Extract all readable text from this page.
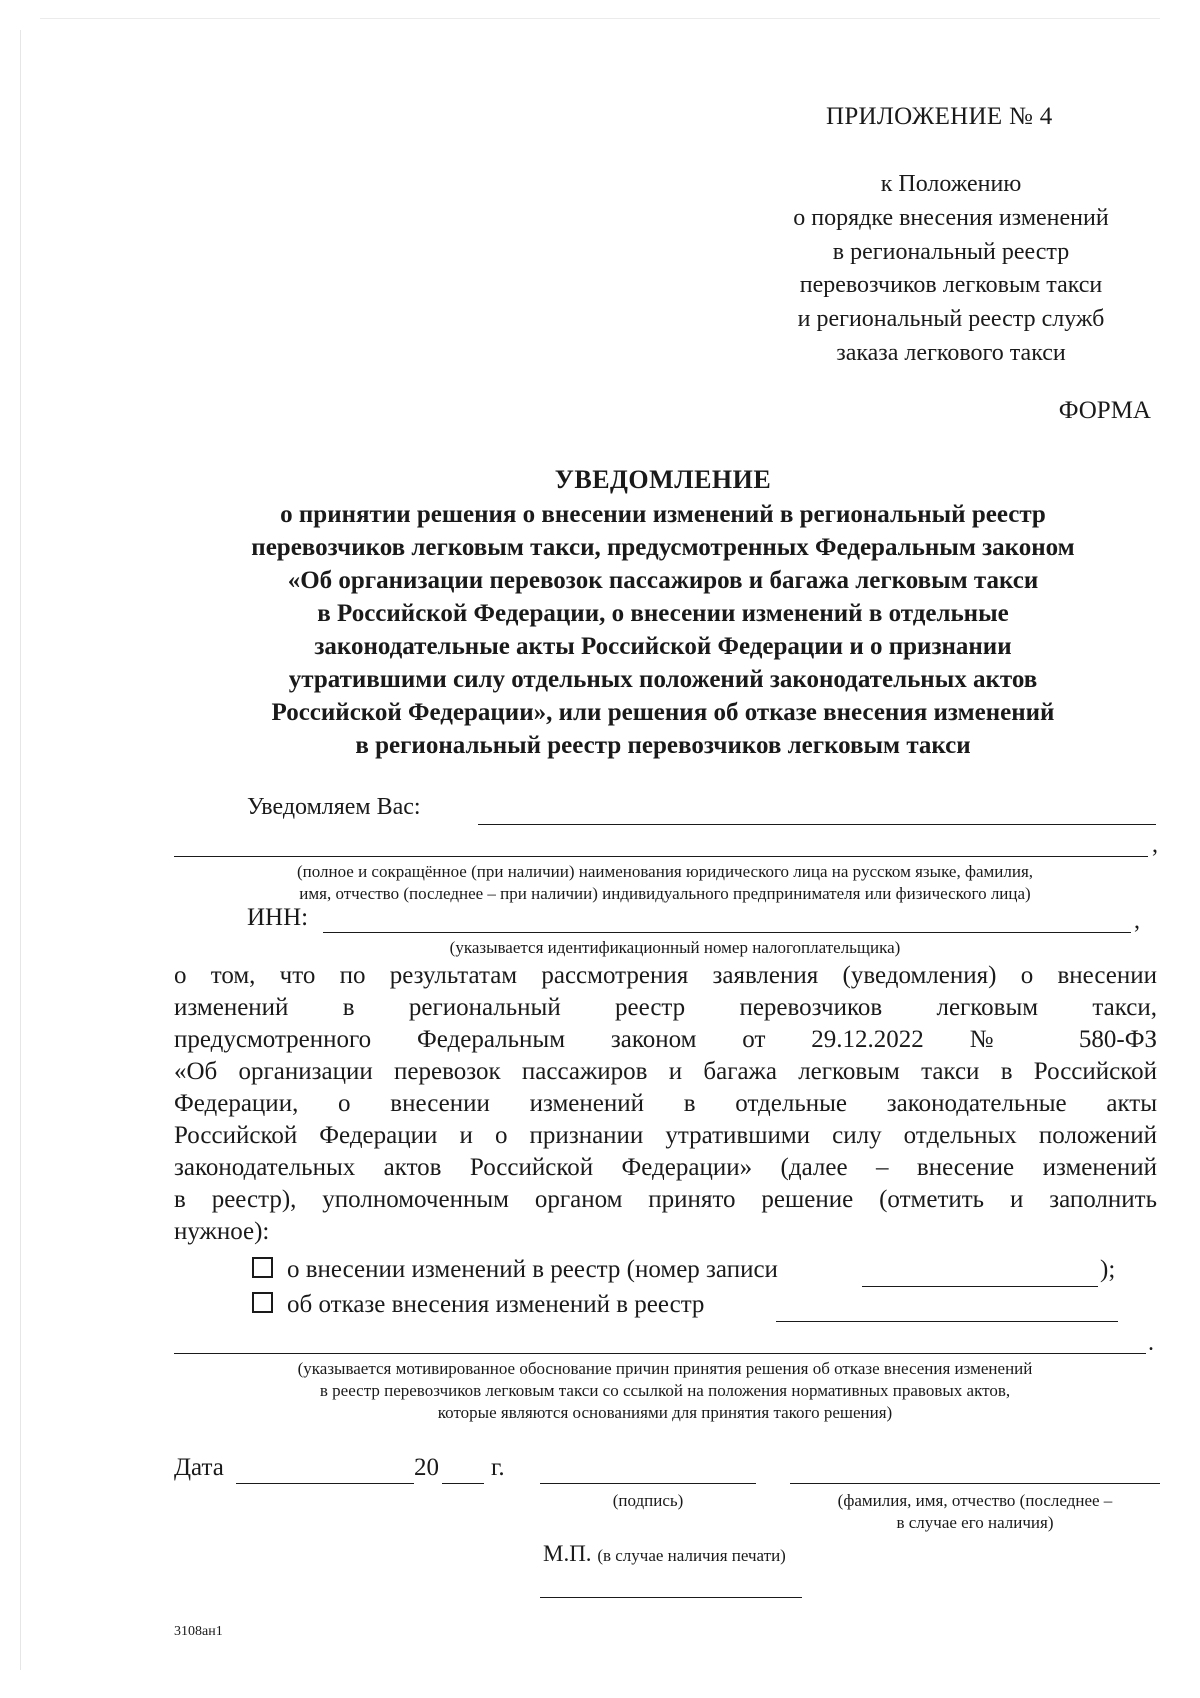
ПРИЛОЖЕНИЕ № 4
к Положению
о порядке внесения изменений
в региональный реестр
перевозчиков легковым такси
и региональный реестр служб
заказа легкового такси
ФОРМА
УВЕДОМЛЕНИЕ
о принятии решения о внесении изменений в региональный реестр
перевозчиков легковым такси, предусмотренных Федеральным законом
«Об организации перевозок пассажиров и багажа легковым такси
в Российской Федерации, о внесении изменений в отдельные
законодательные акты Российской Федерации и о признании
утратившими силу отдельных положений законодательных актов
Российской Федерации», или решения об отказе внесения изменений
в региональный реестр перевозчиков легковым такси
Уведомляем Вас:
,
(полное и сокращённое (при наличии) наименования юридического лица на русском языке, фамилия,
имя, отчество (последнее – при наличии) индивидуального предпринимателя или физического лица)
ИНН:	,
(указывается идентификационный номер налогоплательщика)
о том, что по результатам рассмотрения заявления (уведомления) о внесении
изменений в региональный реестр перевозчиков легковым такси,
предусмотренного Федеральным законом от 29.12.2022 № 580-ФЗ
«Об организации перевозок пассажиров и багажа легковым такси в Российской
Федерации, о внесении изменений в отдельные законодательные акты
Российской Федерации и о признании утратившими силу отдельных положений
законодательных актов Российской Федерации» (далее – внесение изменений
в реестр), уполномоченным органом принято решение (отметить и заполнить
нужное):
о внесении изменений в реестр (номер записи	);
об отказе внесения изменений в реестр
.
(указывается мотивированное обоснование причин принятия решения об отказе внесения изменений
в реестр перевозчиков легковым такси со ссылкой на положения нормативных правовых актов,
которые являются основаниями для принятия такого решения)
Дата	20 г.
(подпись)	(фамилия, имя, отчество (последнее –
в случае его наличия)
М.П. (в случае наличия печати)
3108ан1
